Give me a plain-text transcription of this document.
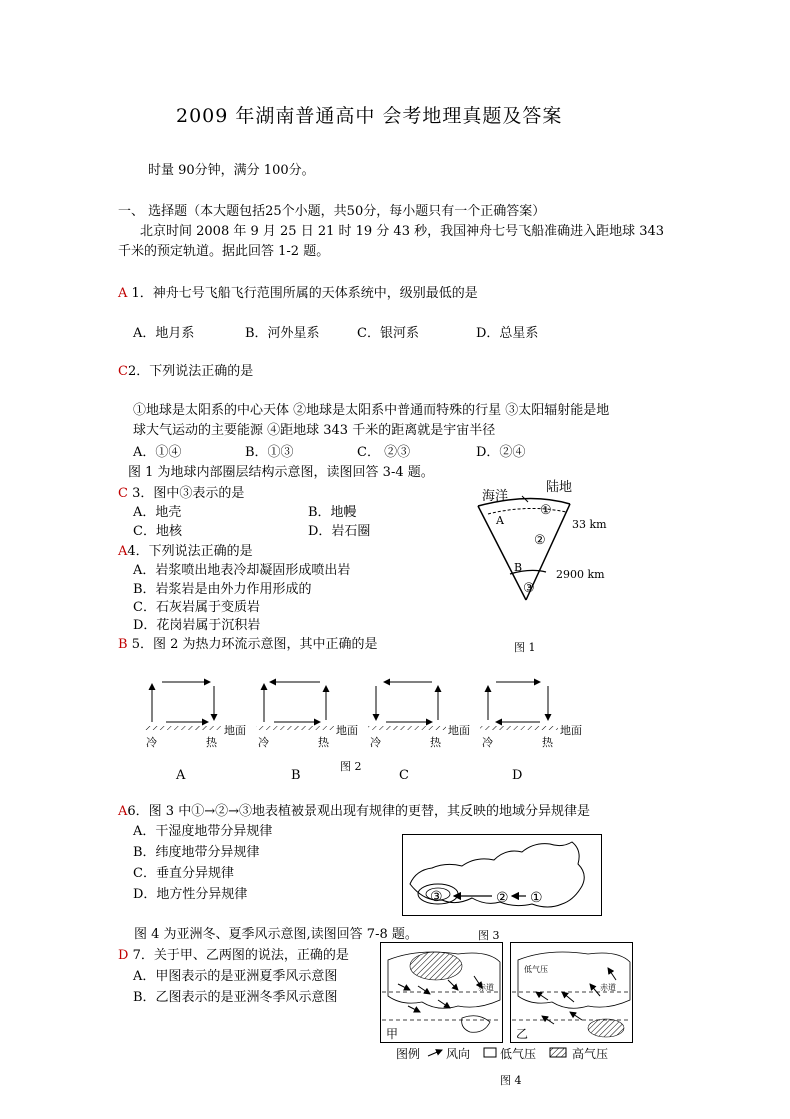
2009 年湖南普通高中 会考地理真题及答案
时量 90分钟，满分 100分。
一、 选择题（本大题包括25个小题，共50分，每小题只有一个正确答案）
北京时间 2008 年 9 月 25 日 21 时 19 分 43 秒，我国神舟七号飞船准确进入距地球 343
千米的预定轨道。据此回答 1-2 题。
A 1．神舟七号飞船飞行范围所属的天体系统中，级别最低的是
A．地月系	B．河外星系	C．银河系	D．总星系
C2．下列说法正确的是
①地球是太阳系的中心天体 ②地球是太阳系中普通而特殊的行星 ③太阳辐射能是地
球大气运动的主要能源 ④距地球 343 千米的距离就是宇宙半径
A．①④	B．①③	C． ②③	D．②④
图 1 为地球内部圈层结构示意图，读图回答 3-4 题。
C 3．图中③表示的是
A．地壳	B．地幔
C．地核	D．岩石圈
A4．下列说法正确的是
A．岩浆喷出地表冷却凝固形成喷出岩
B．岩浆岩是由外力作用形成的
C．石灰岩属于变质岩
D．花岗岩属于沉积岩
B 5．图 2 为热力环流示意图，其中正确的是
海洋
陆地
A
B
①
②
③
33 km
2900 km
图 1
地面	地面	地面	地面
冷	热	冷	热	冷	热	冷	热
图 2
A	B	C	D
A6．图 3 中①→②→③地表植被景观出现有规律的更替，其反映的地域分异规律是
A．干湿度地带分异规律
B．纬度地带分异规律
C．垂直分异规律
D．地方性分异规律	③	② ①
图 3
图 4 为亚洲冬、夏季风示意图,读图回答 7-8 题。
D 7．关于甲、乙两图的说法，正确的是
A．甲图表示的是亚洲夏季风示意图
B．乙图表示的是亚洲冬季风示意图
赤道
甲
低气压
赤道
乙
图例 风向 低气压	高气压
图 4
